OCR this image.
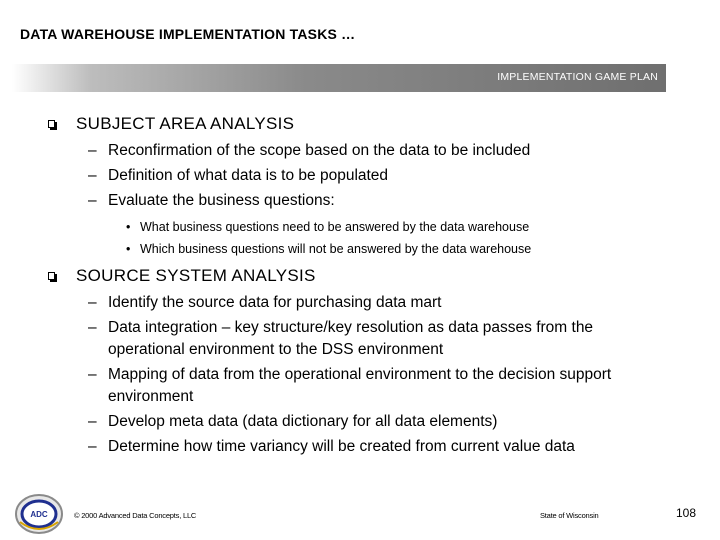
DATA WAREHOUSE IMPLEMENTATION TASKS …
IMPLEMENTATION GAME PLAN
SUBJECT AREA ANALYSIS
– Reconfirmation of the scope based on the data to be included
– Definition of what data is to be populated
– Evaluate the business questions:
• What business questions need to be answered by the data warehouse
• Which business questions will not be answered by the data warehouse
SOURCE SYSTEM ANALYSIS
– Identify the source data for purchasing data mart
– Data integration – key structure/key resolution as data passes from the operational environment to the DSS environment
– Mapping of data from the operational environment to the decision support environment
– Develop meta data (data dictionary for all data elements)
– Determine how time variancy will be created from current value data
ADC	© 2000 Advanced Data Concepts, LLC	State of Wisconsin	108
